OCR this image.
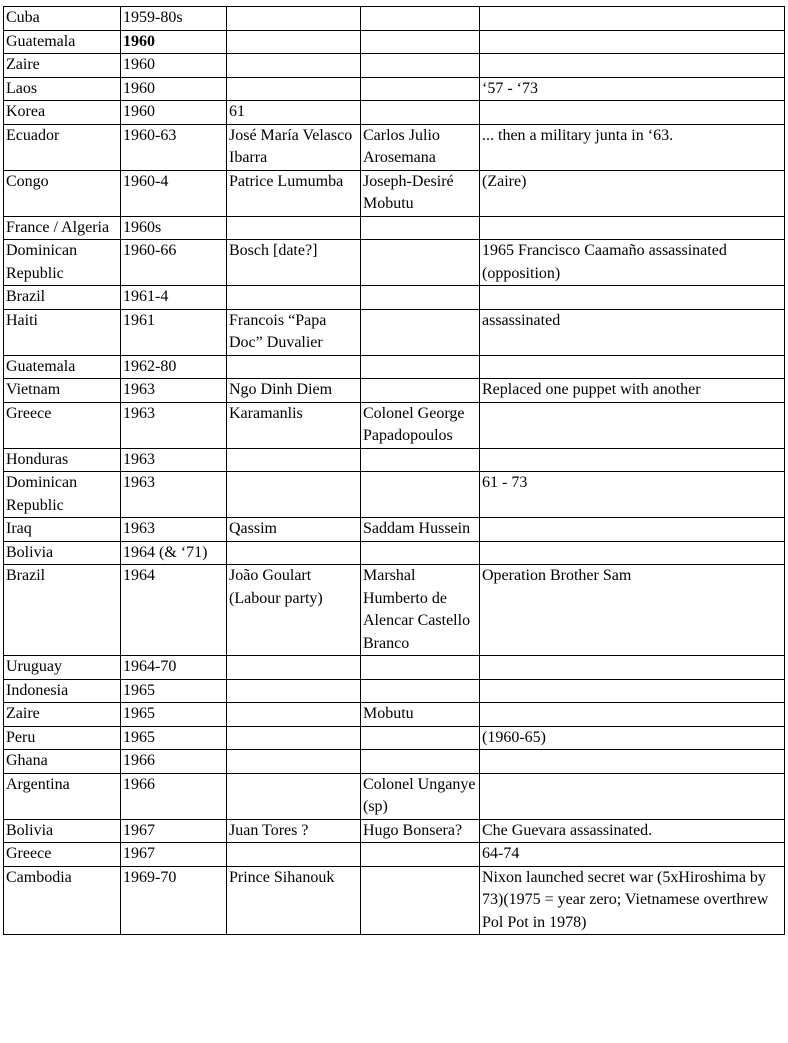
Cuba	1959-80s			
Guatemala	1960			
Zaire	1960			
Laos	1960			‘57 - ‘73
Korea	1960	61		
Ecuador	1960-63	José María Velasco Ibarra	Carlos Julio Arosemana	... then a military junta in ‘63.
Congo	1960-4	Patrice Lumumba	Joseph-Desiré Mobutu	(Zaire)
France / Algeria	1960s			
Dominican Republic	1960-66	Bosch [date?]		1965 Francisco Caamaño assassinated (opposition)
Brazil	1961-4			
Haiti	1961	Francois “Papa Doc” Duvalier		assassinated
Guatemala	1962-80			
Vietnam	1963	Ngo Dinh Diem		Replaced one puppet with another
Greece	1963	Karamanlis	Colonel George Papadopoulos	
Honduras	1963			
Dominican Republic	1963			61 - 73
Iraq	1963	Qassim	Saddam Hussein	
Bolivia	1964 (& ‘71)			
Brazil	1964	João Goulart (Labour party)	Marshal Humberto de Alencar Castello Branco	Operation Brother Sam
Uruguay	1964-70			
Indonesia	1965			
Zaire	1965		Mobutu	
Peru	1965			(1960-65)
Ghana	1966			
Argentina	1966		Colonel Unganye (sp)	
Bolivia	1967	Juan Tores ?	Hugo Bonsera?	Che Guevara assassinated.
Greece	1967			64-74
Cambodia	1969-70	Prince Sihanouk		Nixon launched secret war (5xHiroshima by 73)(1975 = year zero; Vietnamese overthrew Pol Pot in 1978)
